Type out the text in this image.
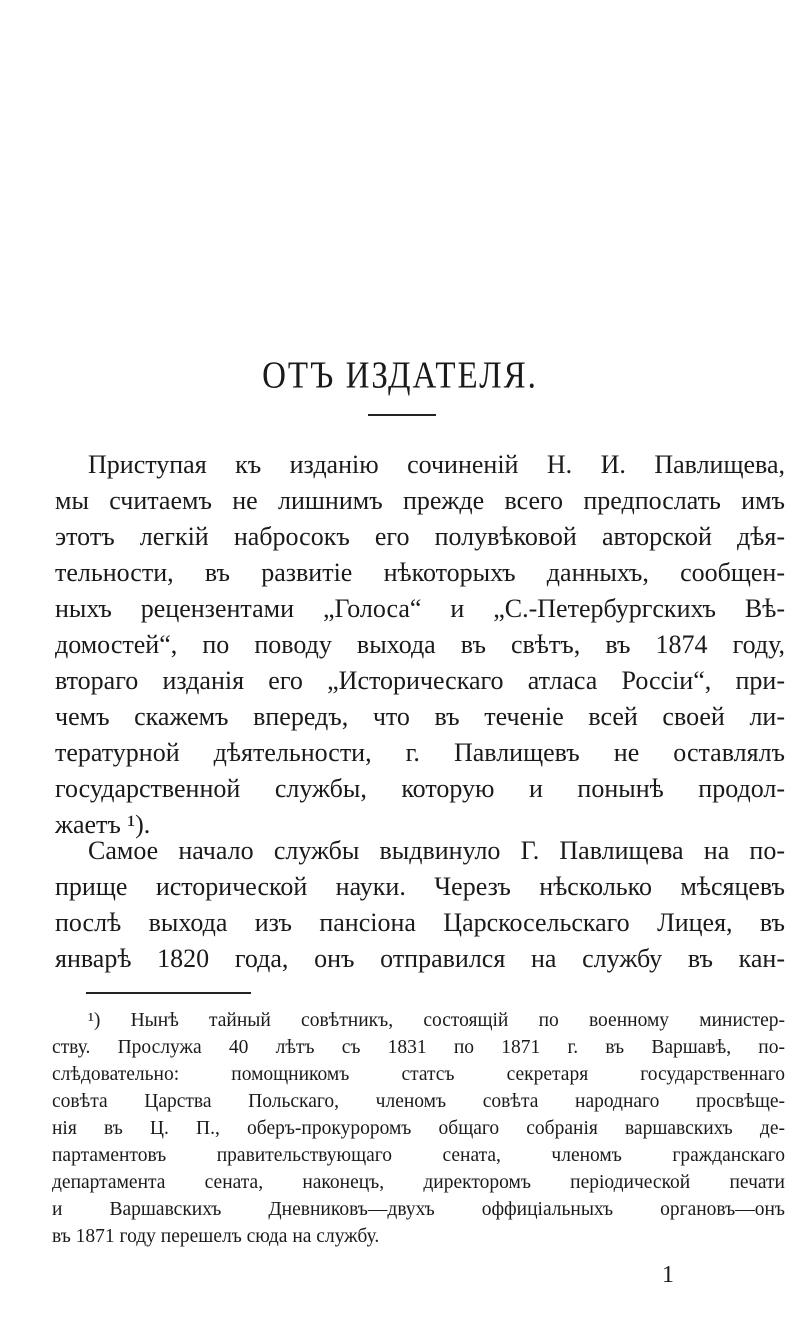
ОТЪ ИЗДАТЕЛЯ.
Приступая къ изданію сочиненій Н. И. Павлищева,
мы считаемъ не лишнимъ прежде всего предпослать имъ
этотъ легкій набросокъ его полувѣковой авторской дѣя-
тельности, въ развитіе нѣкоторыхъ данныхъ, сообщен-
ныхъ рецензентами „Голоса“ и „С.-Петербургскихъ Вѣ-
домостей“, по поводу выхода въ свѣтъ, въ 1874 году,
втораго изданія его „Историческаго атласа Россіи“, при-
чемъ скажемъ впередъ, что въ теченіе всей своей ли-
тературной дѣятельности, г. Павлищевъ не оставлялъ
государственной службы, которую и понынѣ продол-
жаетъ ¹).
Самое начало службы выдвинуло Г. Павлищева на по-
прище исторической науки. Черезъ нѣсколько мѣсяцевъ
послѣ выхода изъ пансіона Царскосельскаго Лицея, въ
январѣ 1820 года, онъ отправился на службу въ кан-
¹) Нынѣ тайный совѣтникъ, состоящій по военному министер-
ству. Прослужа 40 лѣтъ съ 1831 по 1871 г. въ Варшавѣ, по-
слѣдовательно: помощникомъ статсъ секретаря государственнаго
совѣта Царства Польскаго, членомъ совѣта народнаго просвѣще-
нія въ Ц. П., оберъ-прокуроромъ общаго собранія варшавскихъ де-
партаментовъ правительствующаго сената, членомъ гражданскаго
департамента сената, наконецъ, директоромъ періодической печати
и Варшавскихъ Дневниковъ—двухъ оффиціальныхъ органовъ—онъ
въ 1871 году перешелъ сюда на службу.
1
